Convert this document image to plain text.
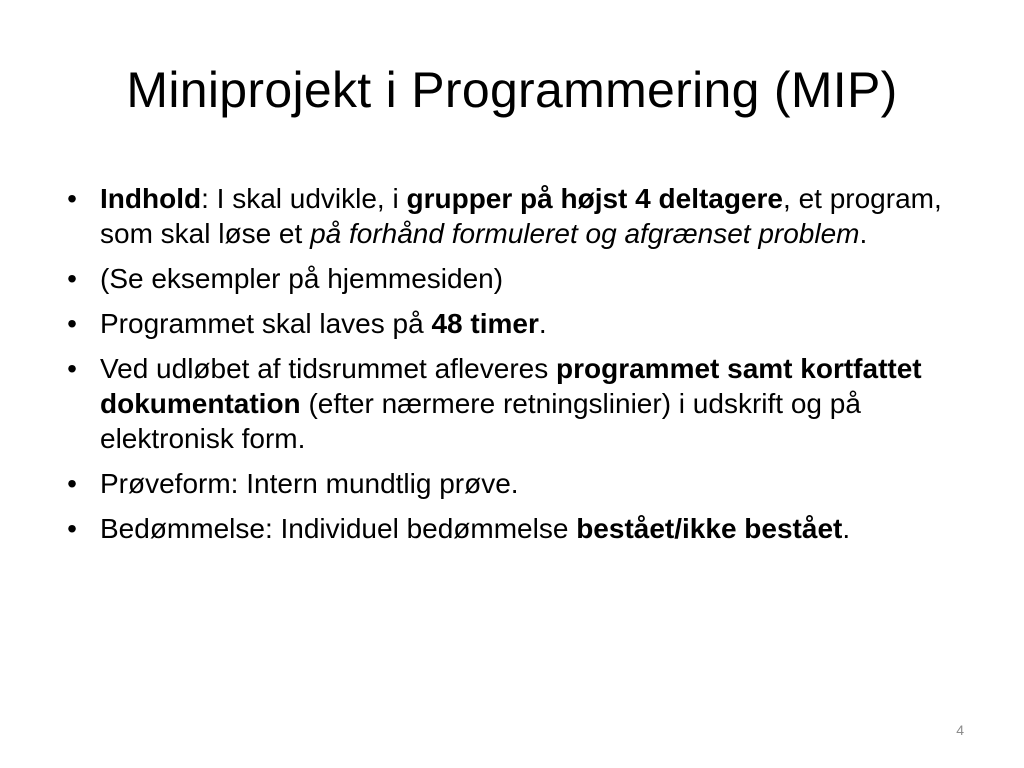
Miniprojekt i Programmering (MIP)
• Indhold: I skal udvikle, i grupper på højst 4 deltagere, et program, som skal løse et på forhånd formuleret og afgrænset problem.
• (Se eksempler på hjemmesiden)
• Programmet skal laves på 48 timer.
• Ved udløbet af tidsrummet afleveres programmet samt kortfattet dokumentation (efter nærmere retningslinier) i udskrift og på elektronisk form.
• Prøveform: Intern mundtlig prøve.
• Bedømmelse: Individuel bedømmelse bestået/ikke bestået.
4
